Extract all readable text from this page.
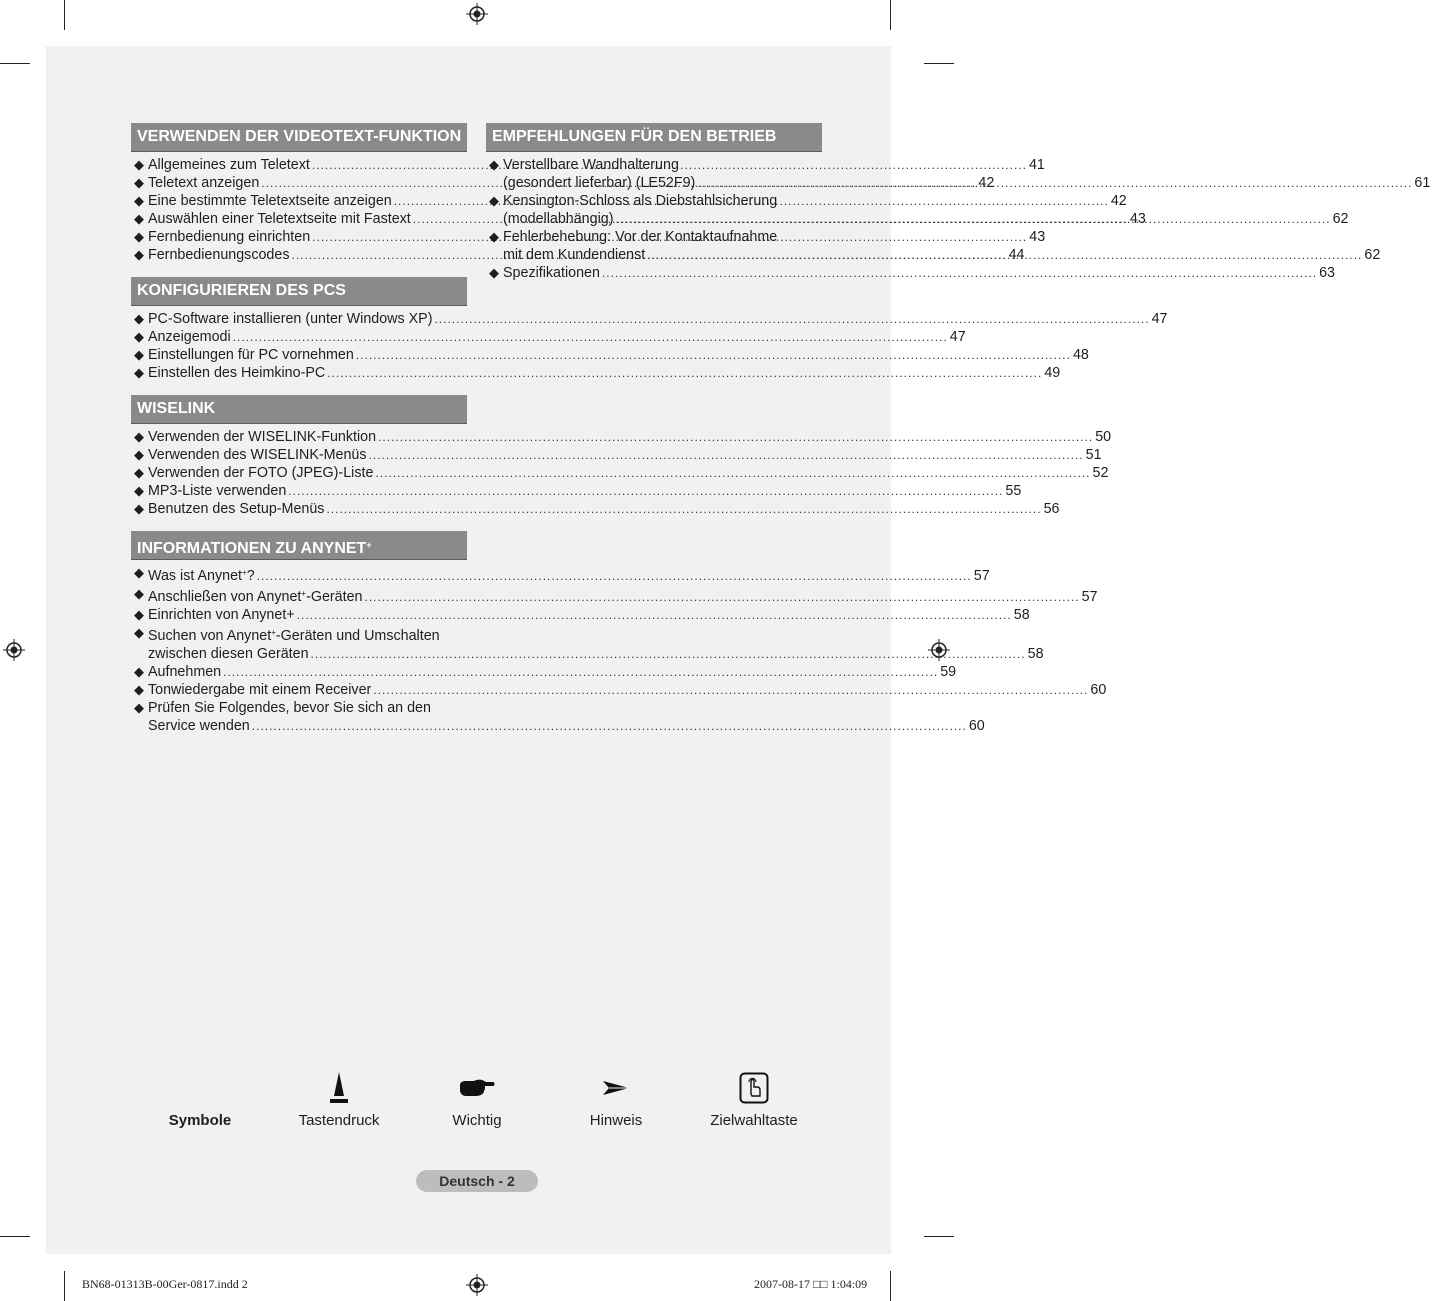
VERWENDEN DER VIDEOTEXT-FUNKTION
◆ Allgemeines zum Teletext .....	41
◆ Teletext anzeigen .....	42
◆ Eine bestimmte Teletextseite anzeigen .....	42
◆ Auswählen einer Teletextseite mit Fastext .....	43
◆ Fernbedienung einrichten .....	43
◆ Fernbedienungscodes .....	44
KONFIGURIEREN DES PCS
◆ PC-Software installieren (unter Windows XP) .....	47
◆ Anzeigemodi .....	47
◆ Einstellungen für PC vornehmen .....	48
◆ Einstellen des Heimkino-PC .....	49
WISELINK
◆ Verwenden der WISELINK-Funktion .....	50
◆ Verwenden des WISELINK-Menüs .....	51
◆ Verwenden der FOTO (JPEG)-Liste .....	52
◆ MP3-Liste verwenden .....	55
◆ Benutzen des Setup-Menüs .....	56
INFORMATIONEN ZU ANYNET+
◆ Was ist Anynet+? .....	57
◆ Anschließen von Anynet+-Geräten .....	57
◆ Einrichten von Anynet+ .....	58
◆ Suchen von Anynet+-Geräten und Umschalten
zwischen diesen Geräten .....	58
◆ Aufnehmen .....	59
◆ Tonwiedergabe mit einem Receiver .....	60
◆ Prüfen Sie Folgendes, bevor Sie sich an den
Service wenden .....	60
EMPFEHLUNGEN FÜR DEN BETRIEB
◆ Verstellbare Wandhalterung
(gesondert lieferbar) (LE52F9) .....	61
◆ Kensington-Schloss als Diebstahlsicherung
(modellabhängig) .....	62
◆ Fehlerbehebung: Vor der Kontaktaufnahme
mit dem Kundendienst .....	62
◆ Spezifikationen .....	63
Symbole	Tastendruck	Wichtig	Hinweis	Zielwahltaste
Deutsch - 2
BN68-01313B-00Ger-0817.indd 2	2007-08-17 □□ 1:04:09
